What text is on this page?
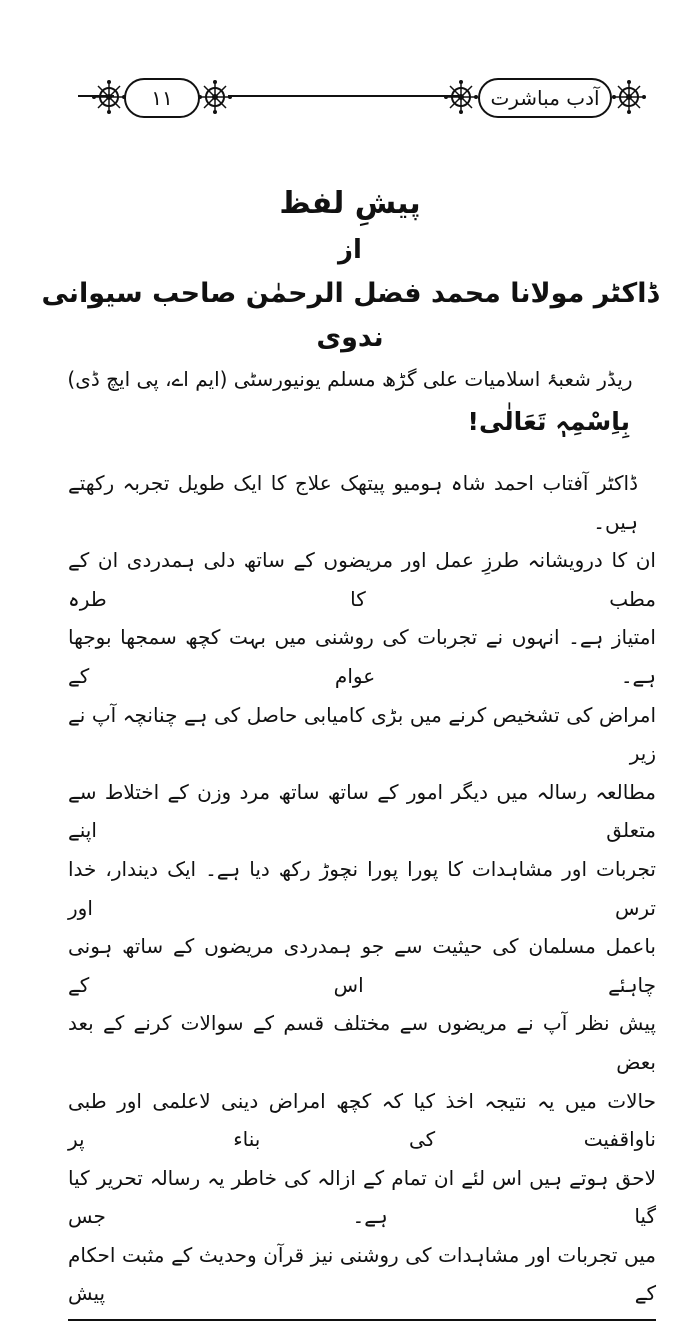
۱۱	آدب مباشرت
پیشِ لفظ
از
ڈاکٹر مولانا محمد فضل الرحمٰن صاحب سیوانی ندوی
ریڈر شعبۂ اسلامیات علی گڑھ مسلم یونیورسٹی (ایم اے، پی ایچ ڈی)
بِاِسْمِہٖ تَعَالٰی!
ڈاکٹر آفتاب احمد شاہ ہومیو پیتھک علاج کا ایک طویل تجربہ رکھتے ہیں۔
ان کا درویشانہ طرزِ عمل اور مریضوں کے ساتھ دلی ہمدردی ان کے مطب کا طرہ
امتیاز ہے۔ انہوں نے تجربات کی روشنی میں بہت کچھ سمجھا بوجھا ہے۔ عوام کے
امراض کی تشخیص کرنے میں بڑی کامیابی حاصل کی ہے چنانچہ آپ نے زیر
مطالعہ رسالہ میں دیگر امور کے ساتھ ساتھ مرد وزن کے اختلاط سے متعلق اپنے
تجربات اور مشاہدات کا پورا پورا نچوڑ رکھ دیا ہے۔ ایک دیندار، خدا ترس اور
باعمل مسلمان کی حیثیت سے جو ہمدردی مریضوں کے ساتھ ہونی چاہئے اس کے
پیش نظر آپ نے مریضوں سے مختلف قسم کے سوالات کرنے کے بعد بعض
حالات میں یہ نتیجہ اخذ کیا کہ کچھ امراض دینی لاعلمی اور طبی ناواقفیت کی بناء پر
لاحق ہوتے ہیں اس لئے ان تمام کے ازالہ کی خاطر یہ رسالہ تحریر کیا گیا ہے۔ جس
میں تجربات اور مشاہدات کی روشنی نیز قرآن وحدیث کے مثبت احکام کے پیش
